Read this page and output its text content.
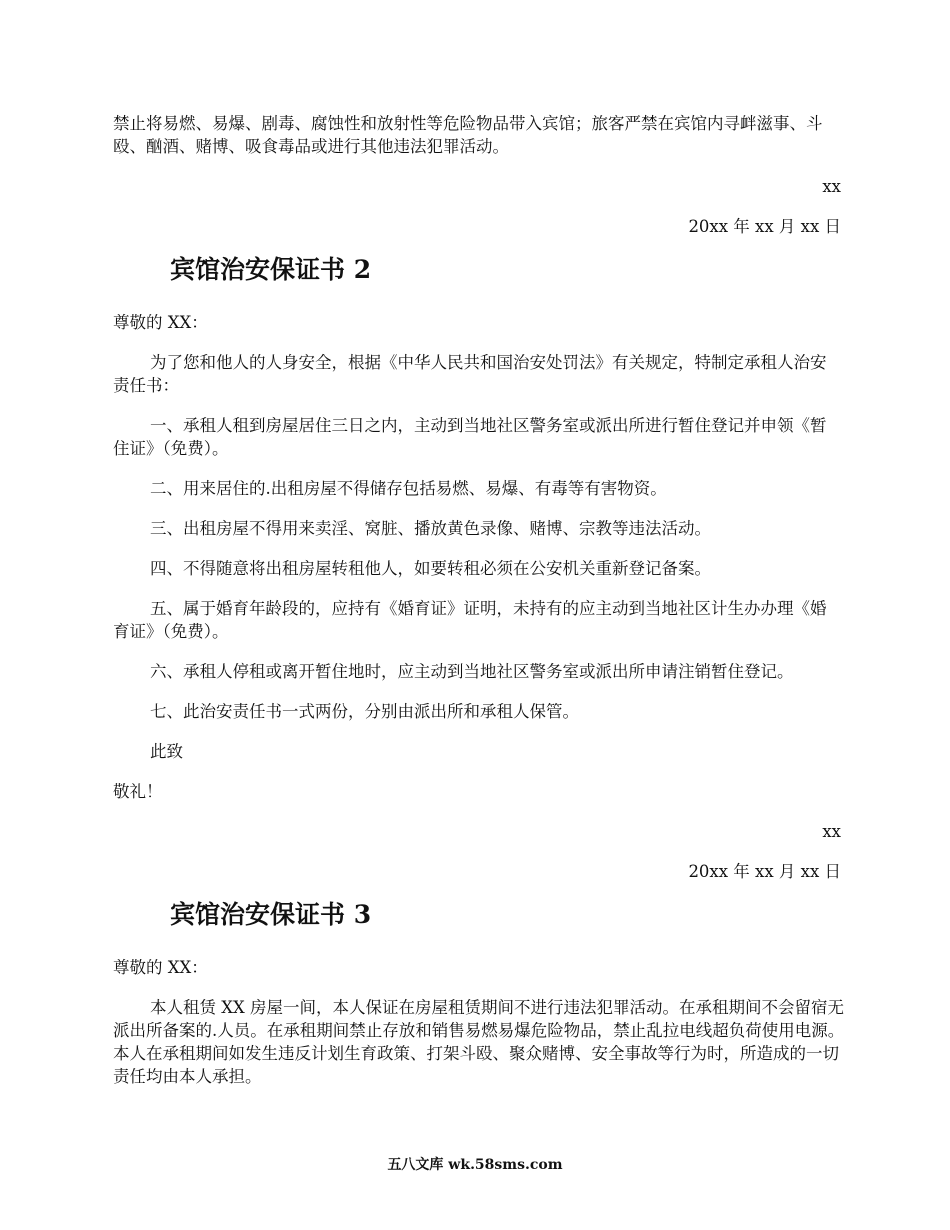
禁止将易燃、易爆、剧毒、腐蚀性和放射性等危险物品带入宾馆；旅客严禁在宾馆内寻衅滋事、斗殴、酗酒、赌博、吸食毒品或进行其他违法犯罪活动。

xx

20xx 年 xx 月 xx 日

宾馆治安保证书 2

尊敬的 XX：

为了您和他人的人身安全，根据《中华人民共和国治安处罚法》有关规定，特制定承租人治安责任书：

一、承租人租到房屋居住三日之内，主动到当地社区警务室或派出所进行暂住登记并申领《暂住证》（免费）。

二、用来居住的.出租房屋不得储存包括易燃、易爆、有毒等有害物资。

三、出租房屋不得用来卖淫、窝脏、播放黄色录像、赌博、宗教等违法活动。

四、不得随意将出租房屋转租他人，如要转租必须在公安机关重新登记备案。

五、属于婚育年龄段的，应持有《婚育证》证明，未持有的应主动到当地社区计生办办理《婚育证》（免费）。

六、承租人停租或离开暂住地时，应主动到当地社区警务室或派出所申请注销暂住登记。

七、此治安责任书一式两份，分别由派出所和承租人保管。

此致

敬礼！

xx

20xx 年 xx 月 xx 日

宾馆治安保证书 3

尊敬的 XX：

本人租赁 XX 房屋一间，本人保证在房屋租赁期间不进行违法犯罪活动。在承租期间不会留宿无派出所备案的.人员。在承租期间禁止存放和销售易燃易爆危险物品，禁止乱拉电线超负荷使用电源。本人在承租期间如发生违反计划生育政策、打架斗殴、聚众赌博、安全事故等行为时，所造成的一切责任均由本人承担。

五八文库 wk.58sms.com
